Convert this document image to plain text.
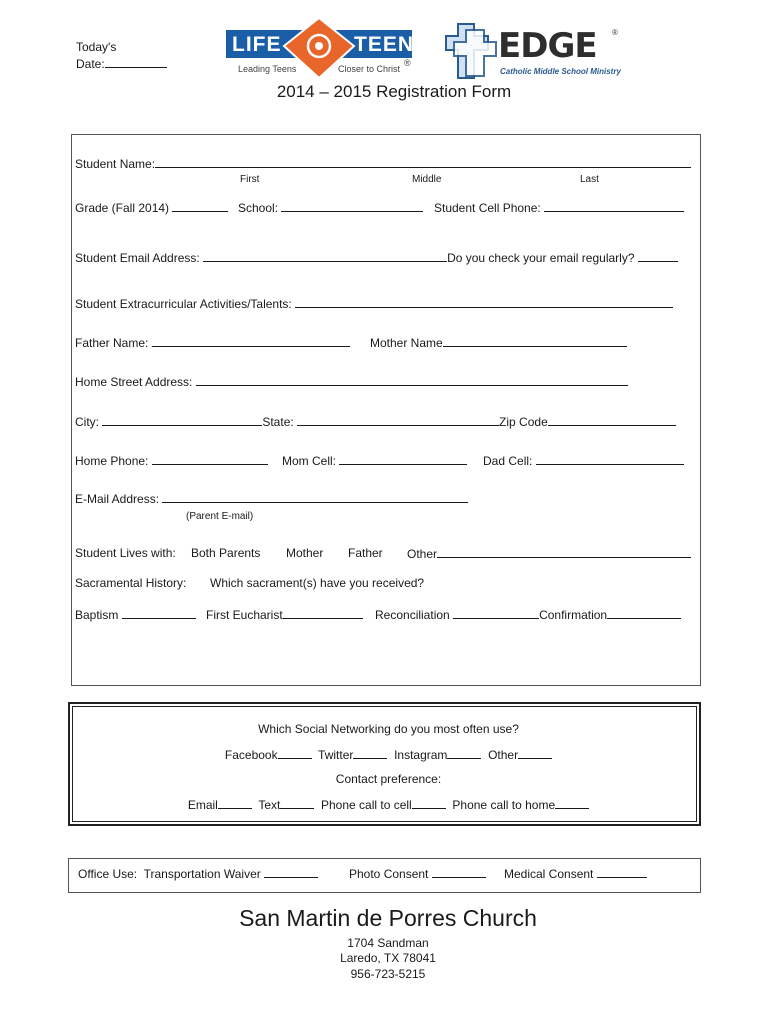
Today's
Date:
LIFE	TEEN
®
Leading Teens	Closer to Christ
EDGE ®
Catholic Middle School Ministry
2014 – 2015 Registration Form
Student Name:
First	Middle	Last
Grade (Fall 2014)	School:	Student Cell Phone:
Student Email Address:	Do you check your email regularly?
Student Extracurricular Activities/Talents:
Father Name:	Mother Name
Home Street Address:
City:	State:	Zip Code
Home Phone:	Mom Cell:	Dad Cell:
E-Mail Address:
(Parent E-mail)
Student Lives with: Both Parents Mother Father Other
Sacramental History: Which sacrament(s) have you received?
Baptism	First Eucharist	Reconciliation	Confirmation
Which Social Networking do you most often use?
Facebook	Twitter	Instagram	Other
Contact preference:
Email	Text	Phone call to cell	Phone call to home
Office Use: Transportation Waiver	Photo Consent	Medical Consent
San Martin de Porres Church
1704 Sandman
Laredo, TX 78041
956-723-5215
